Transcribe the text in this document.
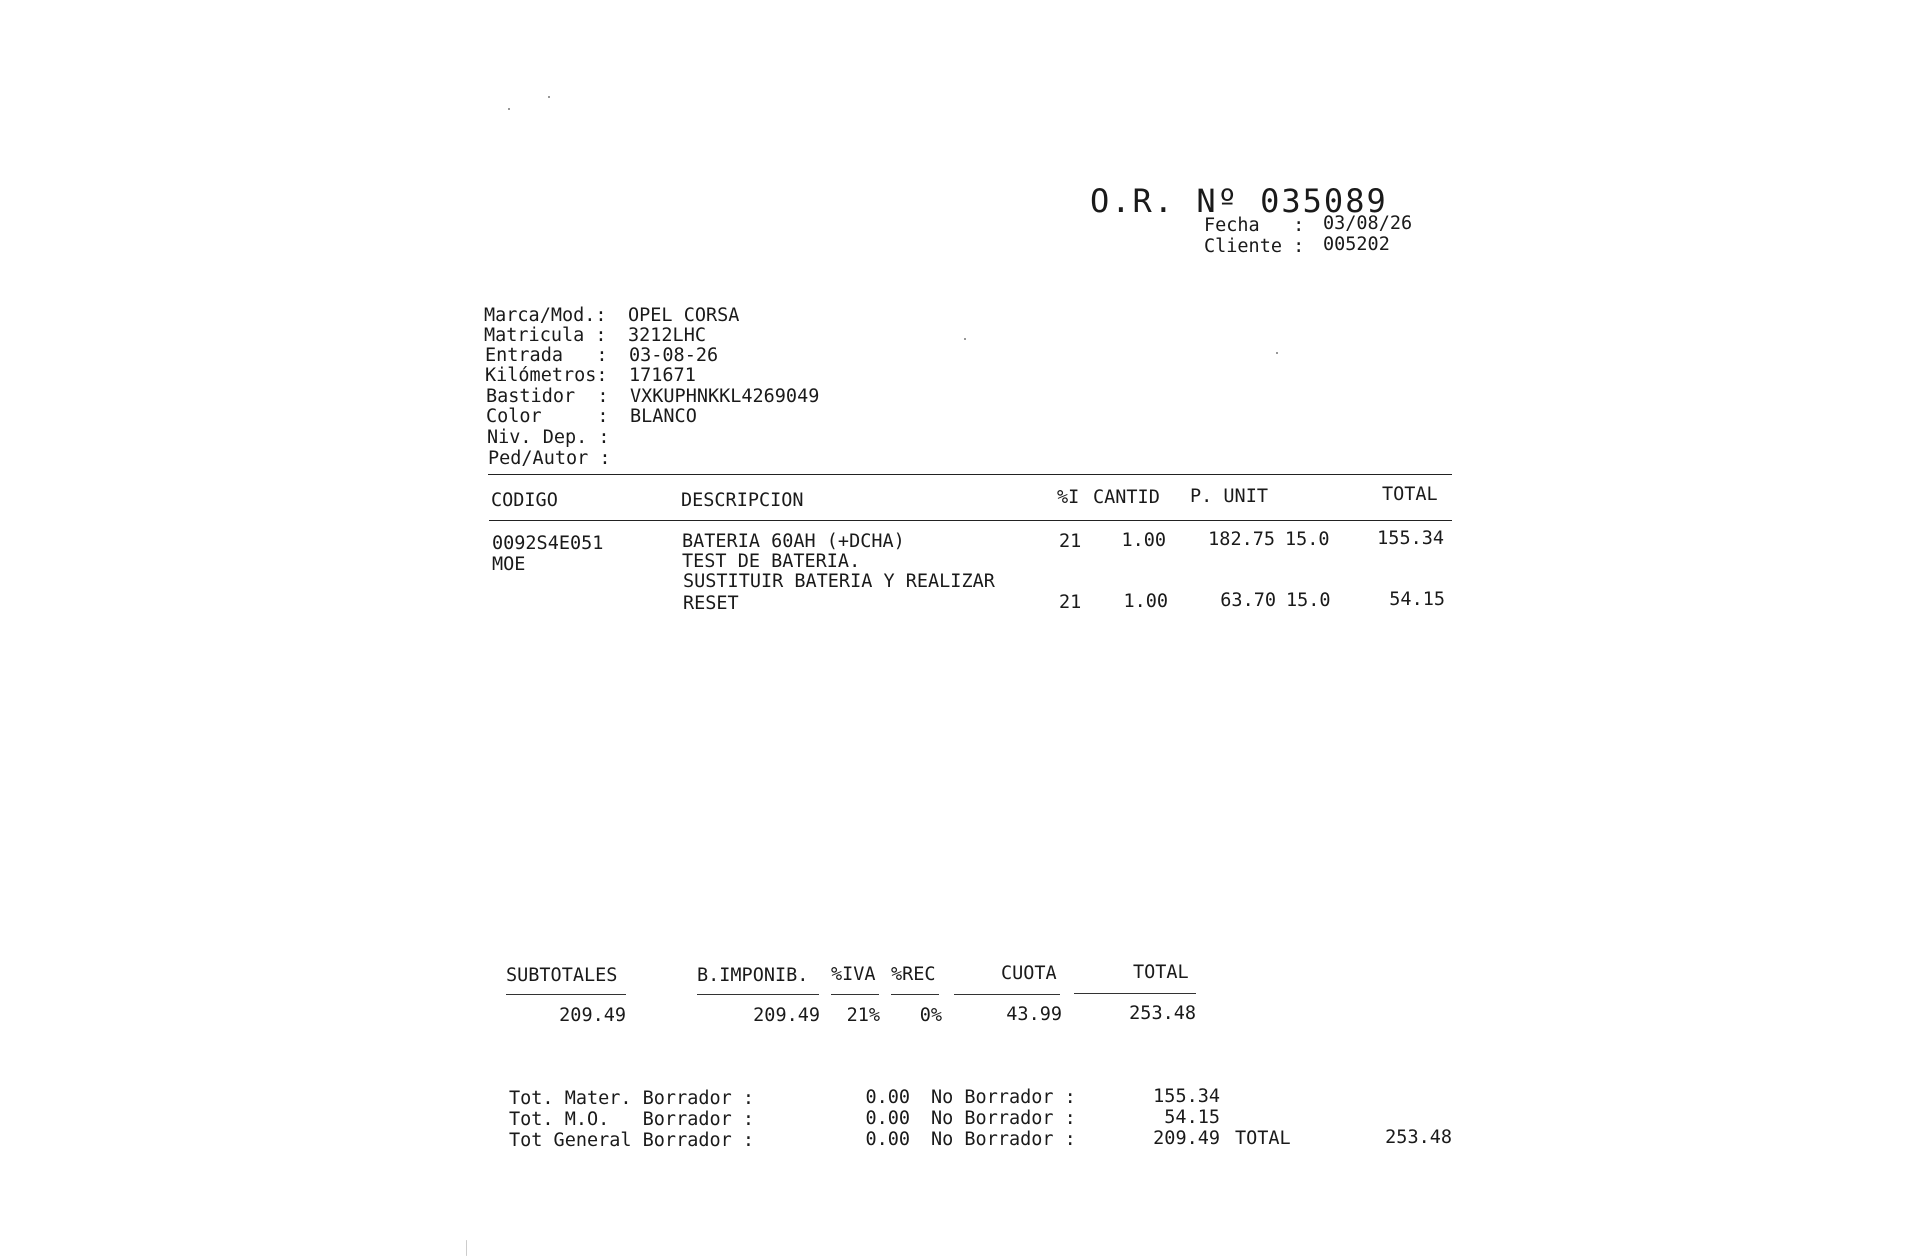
O.R. Nº 035089
Fecha   : 03/08/26
Cliente : 005202
Marca/Mod.:	OPEL CORSA
Matricula :	3212LHC
Entrada   :	03-08-26
Kilómetros:	171671
Bastidor  :	VXKUPHNKKL4269049
Color     :	BLANCO
Niv. Dep. :
Ped/Autor :
CODIGO	DESCRIPCION	%I CANTID P. UNIT	TOTAL
0092S4E051	BATERIA 60AH (+DCHA)	21	1.00	182.75 15.0	155.34
MOE	TEST DE BATERIA.
SUSTITUIR BATERIA Y REALIZAR
RESET	21	1.00	63.70 15.0	54.15
SUBTOTALES	B.IMPONIB. %IVA %REC	CUOTA	TOTAL
209.49	209.49	21%	0%	43.99	253.48
Tot. Mater. Borrador :	0.00 No Borrador :	155.34
Tot. M.O.   Borrador :	0.00 No Borrador :	54.15
Tot General Borrador :	0.00 No Borrador :	209.49 TOTAL	253.48
